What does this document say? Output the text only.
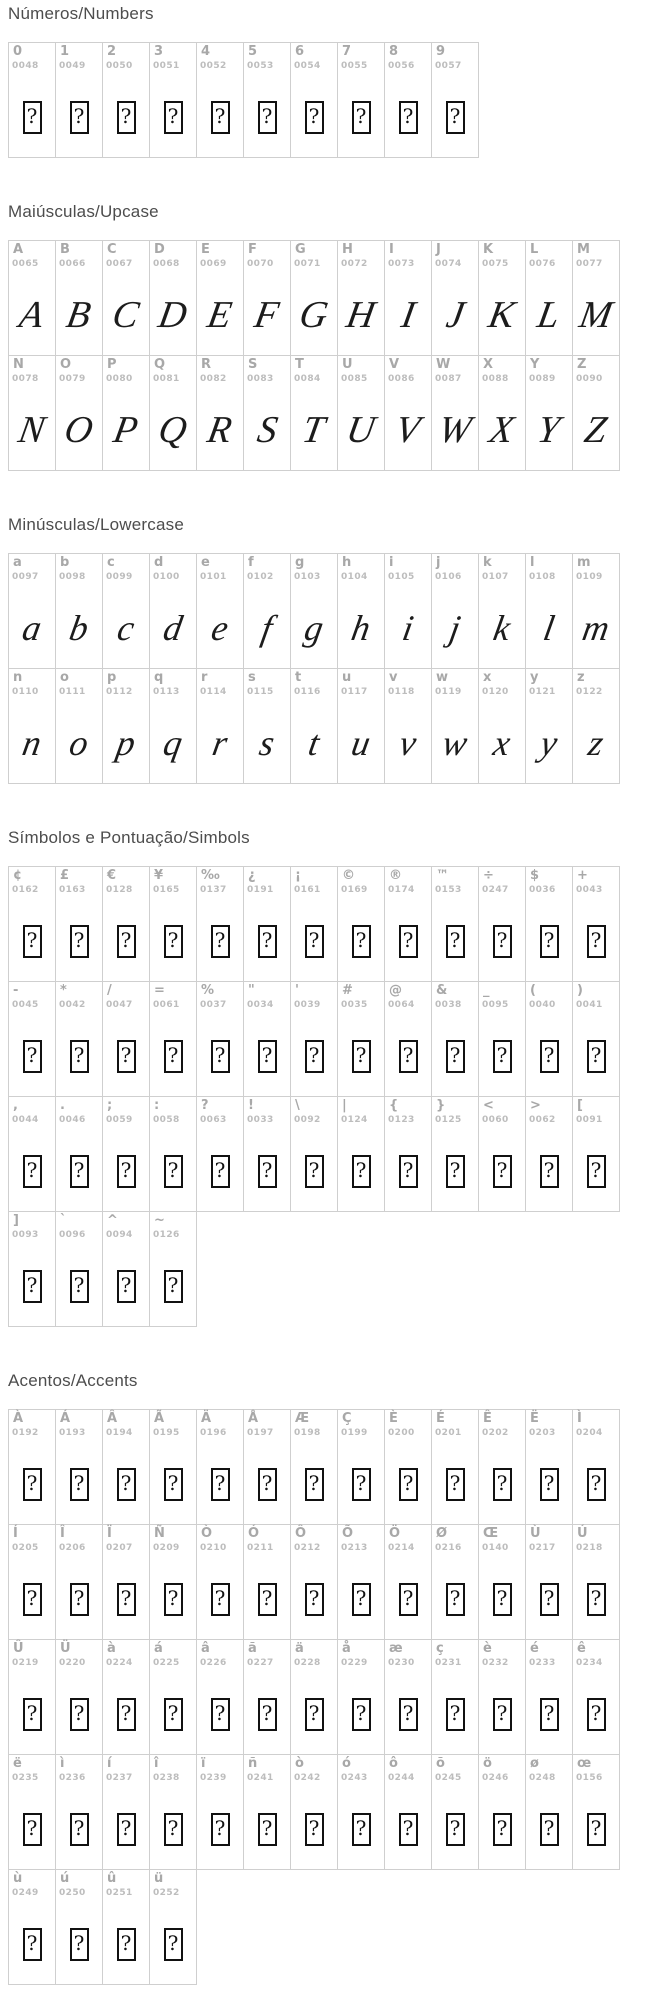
Números/Numbers
0
0048
?
1
0049
?
2
0050
?
3
0051
?
4
0052
?
5
0053
?
6
0054
?
7
0055
?
8
0056
?
9
0057
?
Maiúsculas/Upcase
A
0065
A
B
0066
B
C
0067
C
D
0068
D
E
0069
E
F
0070
F
G
0071
G
H
0072
H
I
0073
I
J
0074
J
K
0075
K
L
0076
L
M
0077
M
N
0078
N
O
0079
O
P
0080
P
Q
0081
Q
R
0082
R
S
0083
S
T
0084
T
U
0085
U
V
0086
V
W
0087
W
X
0088
X
Y
0089
Y
Z
0090
Z
Minúsculas/Lowercase
a
0097
a
b
0098
b
c
0099
c
d
0100
d
e
0101
e
f
0102
f
g
0103
g
h
0104
h
i
0105
i
j
0106
j
k
0107
k
l
0108
l
m
0109
m
n
0110
n
o
0111
o
p
0112
p
q
0113
q
r
0114
r
s
0115
s
t
0116
t
u
0117
u
v
0118
v
w
0119
w
x
0120
x
y
0121
y
z
0122
z
Símbolos e Pontuação/Simbols
¢
0162
?
£
0163
?
€
0128
?
¥
0165
?
‰
0137
?
¿
0191
?
¡
0161
?
©
0169
?
®
0174
?
™
0153
?
÷
0247
?
$
0036
?
+
0043
?
-
0045
?
*
0042
?
/
0047
?
=
0061
?
%
0037
?
"
0034
?
'
0039
?
#
0035
?
@
0064
?
&
0038
?
_
0095
?
(
0040
?
)
0041
?
,
0044
?
.
0046
?
;
0059
?
:
0058
?
?
0063
?
!
0033
?
\
0092
?
|
0124
?
{
0123
?
}
0125
?
<
0060
?
>
0062
?
[
0091
?
]
0093
?
`
0096
?
^
0094
?
~
0126
?
Acentos/Accents
À
0192
?
Á
0193
?
Â
0194
?
Ã
0195
?
Ä
0196
?
Å
0197
?
Æ
0198
?
Ç
0199
?
È
0200
?
É
0201
?
Ê
0202
?
Ë
0203
?
Ì
0204
?
Í
0205
?
Î
0206
?
Ï
0207
?
Ñ
0209
?
Ò
0210
?
Ó
0211
?
Ô
0212
?
Õ
0213
?
Ö
0214
?
Ø
0216
?
Œ
0140
?
Ù
0217
?
Ú
0218
?
Û
0219
?
Ü
0220
?
à
0224
?
á
0225
?
â
0226
?
ã
0227
?
ä
0228
?
å
0229
?
æ
0230
?
ç
0231
?
è
0232
?
é
0233
?
ê
0234
?
ë
0235
?
ì
0236
?
í
0237
?
î
0238
?
ï
0239
?
ñ
0241
?
ò
0242
?
ó
0243
?
ô
0244
?
õ
0245
?
ö
0246
?
ø
0248
?
œ
0156
?
ù
0249
?
ú
0250
?
û
0251
?
ü
0252
?
